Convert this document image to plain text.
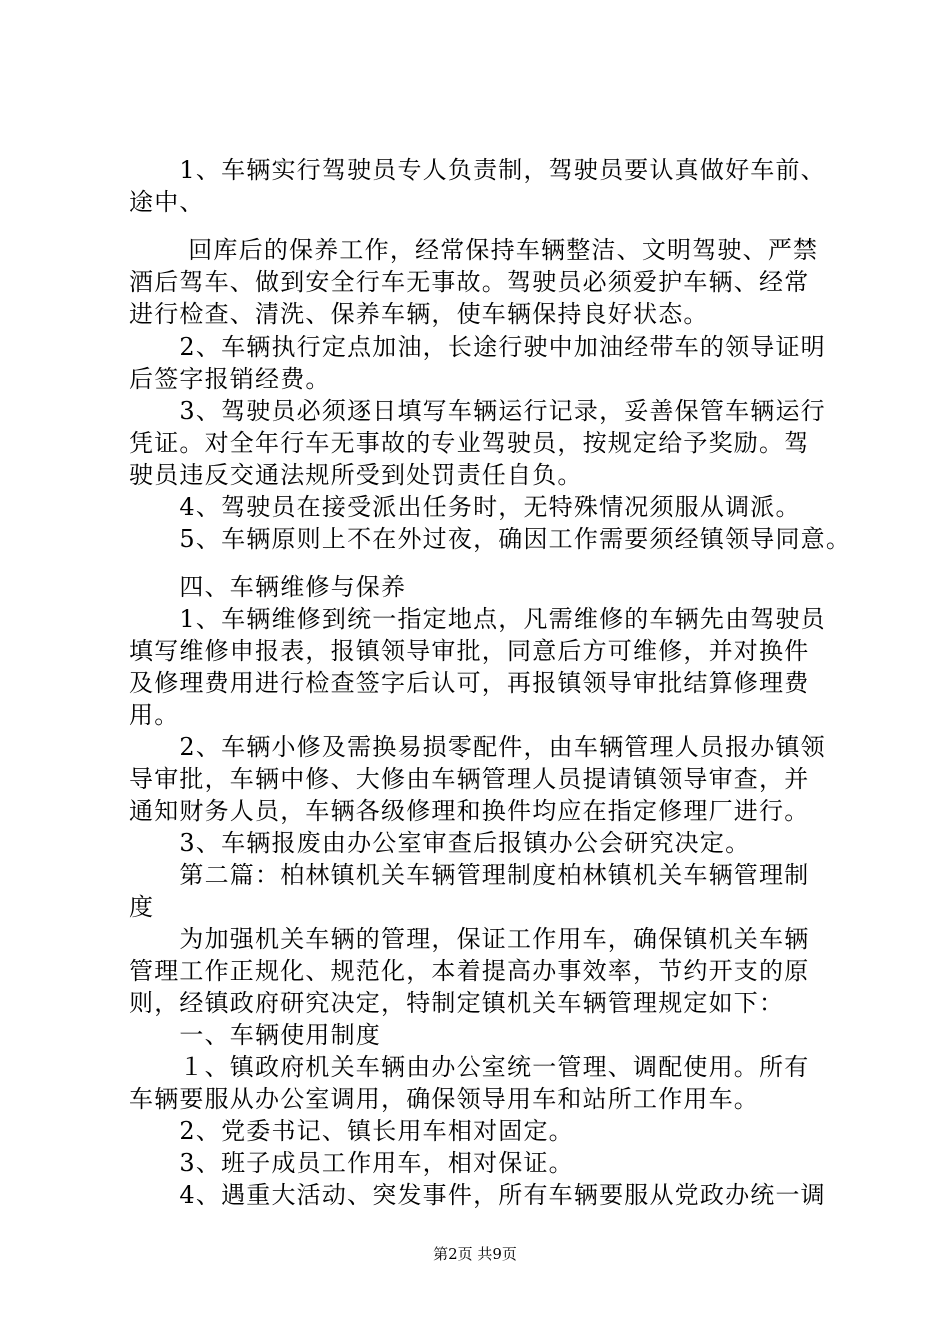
　　1、车辆实行驾驶员专人负责制，驾驶员要认真做好车前、
途中、
　　 回库后的保养工作，经常保持车辆整洁、文明驾驶、严禁
酒后驾车、做到安全行车无事故。驾驶员必须爱护车辆、经常
进行检查、清洗、保养车辆，使车辆保持良好状态。
　　2、车辆执行定点加油，长途行驶中加油经带车的领导证明
后签字报销经费。
　　3、驾驶员必须逐日填写车辆运行记录，妥善保管车辆运行
凭证。对全年行车无事故的专业驾驶员，按规定给予奖励。驾
驶员违反交通法规所受到处罚责任自负。
　　4、驾驶员在接受派出任务时，无特殊情况须服从调派。
　　5、车辆原则上不在外过夜，确因工作需要须经镇领导同意。
　　四、车辆维修与保养
　　1、车辆维修到统一指定地点，凡需维修的车辆先由驾驶员
填写维修申报表，报镇领导审批，同意后方可维修，并对换件
及修理费用进行检查签字后认可，再报镇领导审批结算修理费
用。
　　2、车辆小修及需换易损零配件，由车辆管理人员报办镇领
导审批，车辆中修、大修由车辆管理人员提请镇领导审查，并
通知财务人员，车辆各级修理和换件均应在指定修理厂进行。
　　3、车辆报废由办公室审查后报镇办公会研究决定。
　　第二篇：柏林镇机关车辆管理制度柏林镇机关车辆管理制
度
　　为加强机关车辆的管理，保证工作用车，确保镇机关车辆
管理工作正规化、规范化，本着提高办事效率，节约开支的原
则，经镇政府研究决定，特制定镇机关车辆管理规定如下：
　　一、车辆使用制度
　　１、镇政府机关车辆由办公室统一管理、调配使用。所有
车辆要服从办公室调用，确保领导用车和站所工作用车。
　　2、党委书记、镇长用车相对固定。
　　3、班子成员工作用车，相对保证。
　　4、遇重大活动、突发事件，所有车辆要服从党政办统一调
第2页 共9页
